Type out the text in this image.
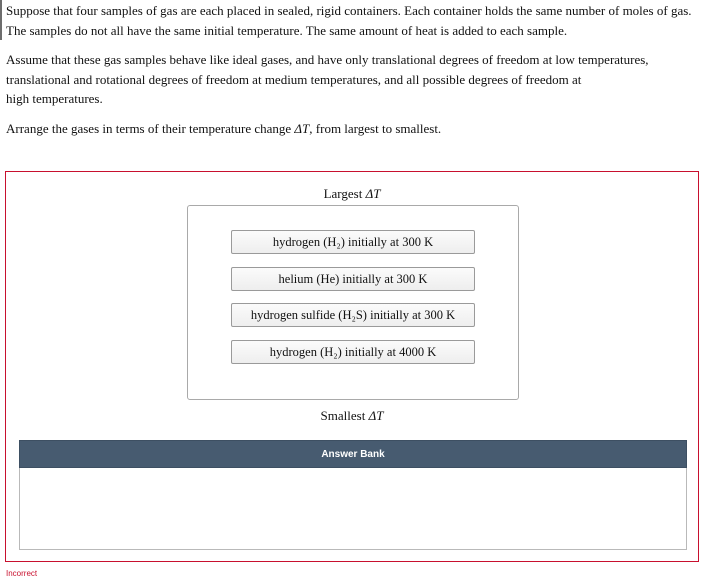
Suppose that four samples of gas are each placed in sealed, rigid containers. Each container holds the same number of moles of gas. The samples do not all have the same initial temperature. The same amount of heat is added to each sample.

Assume that these gas samples behave like ideal gases, and have only translational degrees of freedom at low temperatures, translational and rotational degrees of freedom at medium temperatures, and all possible degrees of freedom at
high temperatures.

Arrange the gases in terms of their temperature change ΔT, from largest to smallest.

Largest ΔT
hydrogen (H₂) initially at 300 K
helium (He) initially at 300 K
hydrogen sulfide (H₂S) initially at 300 K
hydrogen (H₂) initially at 4000 K
Smallest ΔT
Answer Bank
Incorrect
